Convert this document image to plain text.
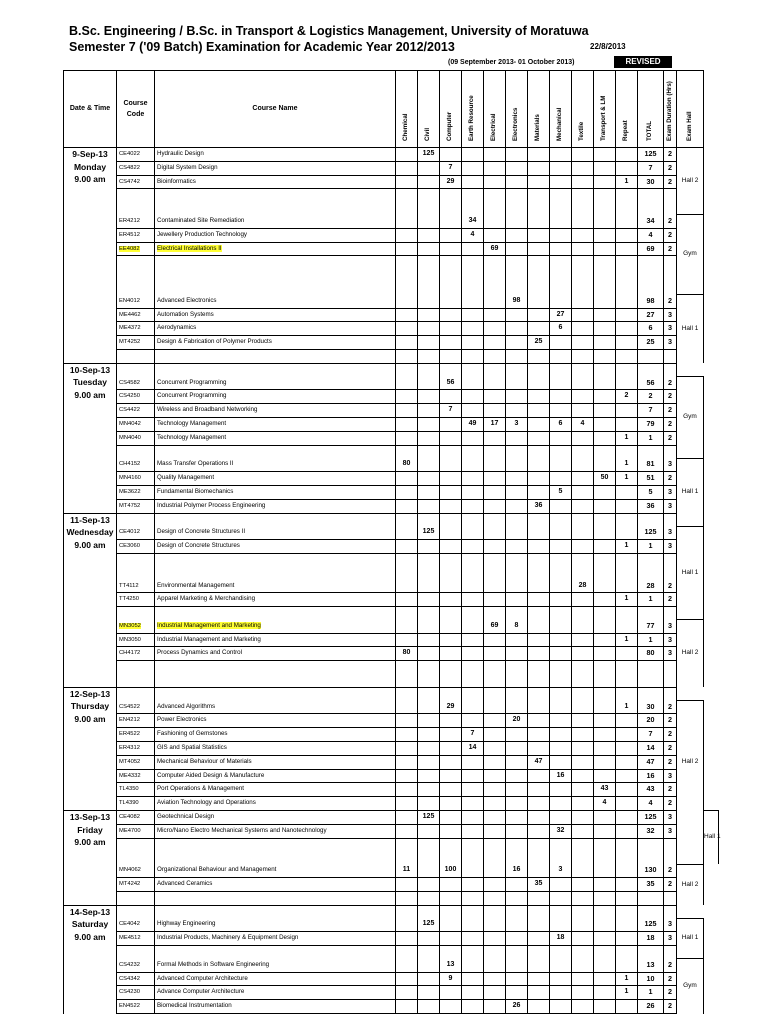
B.Sc. Engineering / B.Sc. in Transport & Logistics Management, University of Moratuwa
Semester 7 ('09 Batch) Examination for Academic Year 2012/2013	22/8/2013
(09 September 2013- 01 October 2013)	REVISED
Date & Time	Course Code	Course Name	Chemical	Civil	Computer	Earth Resource	Electrical	Electronics	Materials	Mechanical	Textile	Transport & LM	Repeat	TOTAL	Exam Duration (Hrs)	Exam Hall	

9-Sep-13
Monday
9.00 am	CE4022	Hydraulic Design		125										125	2	Hall 2	
	CS4822	Digital System Design			7									7	2		
	CS4742	Bioinformatics			29								1	30	2		

	ER4212	Contaminated Site Remediation				34								34	2	Gym	
	ER4512	Jewellery Production Technology				4								4	2		
	EE4082	Electrical Installations II					69							69	2		

	EN4012	Advanced Electronics						98						98	2	Hall 1	
	ME4462	Automation Systems								27				27	3		
	ME4372	Aerodynamics								6				6	3		
	MT4252	Design & Fabrication of Polymer Products							25					25	3		

10-Sep-13
Tuesday
9.00 am																	

	CS4582	Concurrent Programming			56									56	2	Gym	
	CS4250	Concurrent Programming											2	2	2		
	CS4422	Wireless and Broadband Networking			7									7	2		
	MN4042	Technology Management				49	17	3		6	4			79	2		
	MN4040	Technology Management											1	1	2		

	CH4152	Mass Transfer Operations II	80										1	81	3	Hall 1	
	MN4160	Quality Management										50	1	51	2		
	ME3622	Fundamental Biomechanics								5				5	3		
	MT4752	Industrial Polymer Process Engineering							36					36	3		

11-Sep-13
Wednesday
9.00 am																	

	CE4012	Design of Concrete Structures II		125										125	3	Hall 1	
	CE3060	Design of Concrete Structures											1	1	3		

	TT4112	Environmental Management									28			28	2		
	TT4250	Apparel Marketing & Merchandising											1	1	2		

	MN3052	Industrial Management and Marketing					69	8						77	3	Hall 2	
	MN3050	Industrial Management and Marketing											1	1	3		
	CH4172	Process Dynamics and Control	80											80	3		

12-Sep-13
Thursday
9.00 am																	

	CS4522	Advanced Algorithms			29								1	30	2	Hall 2	
	EN4212	Power Electronics						20						20	2		
	ER4522	Fashioning of Gemstones				7								7	2		
	ER4312	GIS and Spatial Statistics				14								14	2		
	MT4052	Mechanical Behaviour of Materials							47					47	2		
	ME4332	Computer Aided Design & Manufacture								16				16	3		
	TL4350	Port Operations & Management										43		43	2		
	TL4390	Aviation Technology and Operations										4		4	2		

13-Sep-13
Friday
9.00 am	CE4082	Geotechnical Design		125										125	3		Hall 1
	ME4700	Micro/Nano Electro Mechanical Systems and Nanotechnology								32				32	3		

	MN4062	Organizational Behaviour and Management	11		100			16		3				130	2	Hall 2	
	MT4242	Advanced Ceramics							35					35	2		

14-Sep-13
Saturday
9.00 am																	

	CE4042	Highway Engineering		125										125	3	Hall 1	
	ME4512	Industrial Products, Machinery & Equipment Design								18				18	3		

	CS4232	Formal Methods in Software Engineering			13									13	2	Gym	
	CS4342	Advanced Computer Architecture			9								1	10	2		
	CS4230	Advance Computer Architecture											1	1	2		
	EN4522	Biomedical Instrumentation						26						26	2		
